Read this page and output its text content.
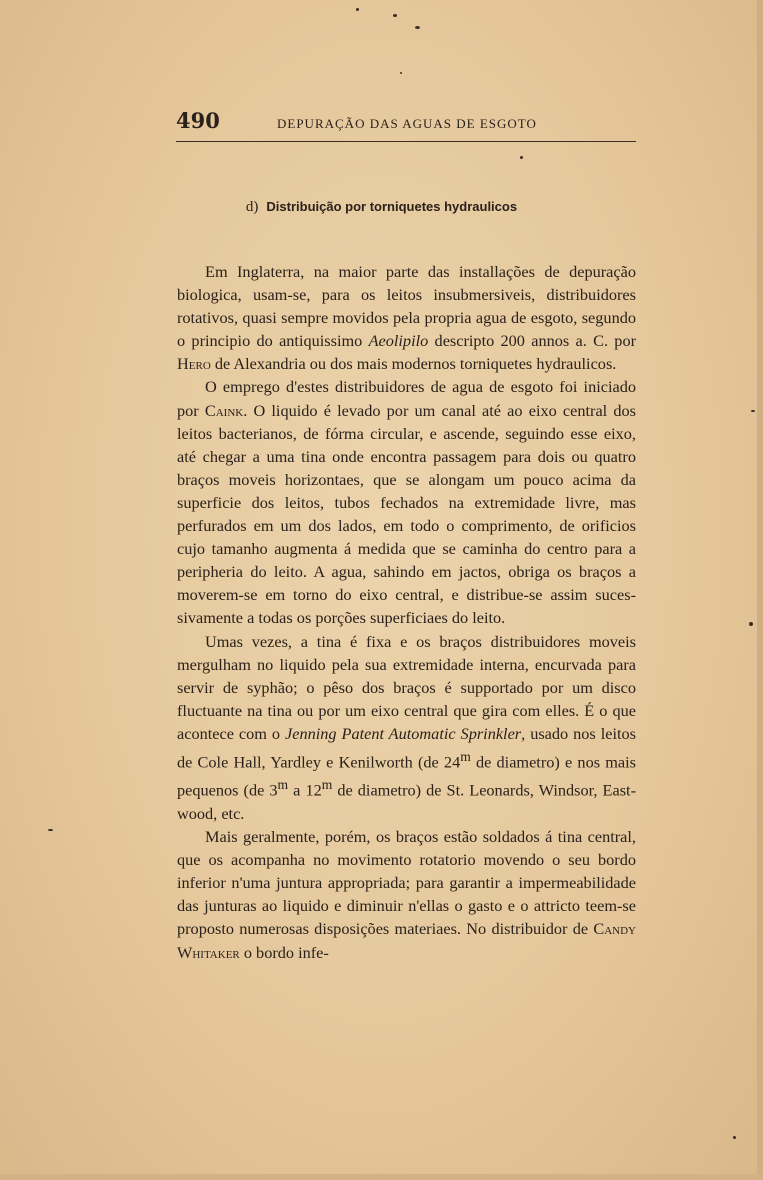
490	DEPURAÇÃO DAS AGUAS DE ESGOTO
d) Distribuição por torniquetes hydraulicos

Em Inglaterra, na maior parte das installações de depuração biologica, usam-se, para os leitos insubmersiveis, distribuidores rotativos, quasi sempre movidos pela propria agua de esgoto, segundo o principio do antiquissimo Aeolipilo descripto 200 annos a. C. por Hero de Alexandria ou dos mais modernos torniquetes hydraulicos.

O emprego d'estes distribuidores de agua de esgoto foi iniciado por Caink. O liquido é levado por um canal até ao eixo central dos leitos bacterianos, de fórma circular, e ascende, seguindo esse eixo, até chegar a uma tina onde encontra passagem para dois ou quatro braços moveis horizontaes, que se alongam um pouco acima da superficie dos leitos, tubos fechados na extremidade livre, mas perfurados em um dos lados, em todo o comprimento, de orificios cujo tamanho augmenta á medida que se caminha do centro para a peripheria do leito. A agua, sahindo em jactos, obriga os braços a moverem-se em torno do eixo central, e distribue-se assim sucessivamente a todas os porções superficiaes do leito.

Umas vezes, a tina é fixa e os braços distribuidores moveis mergulham no liquido pela sua extremidade interna, encurvada para servir de syphão; o pêso dos braços é supportado por um disco fluctuante na tina ou por um eixo central que gira com elles. É o que acontece com o Jenning Patent Automatic Sprinkler, usado nos leitos de Cole Hall, Yardley e Kenilworth (de 24$^m$ de diametro) e nos mais pequenos (de 3$^m$ a 12$^m$ de diametro) de St. Leonards, Windsor, East-wood, etc.

Mais geralmente, porém, os braços estão soldados á tina central, que os acompanha no movimento rotatorio movendo o seu bordo inferior n'uma juntura appropriada; para garantir a impermeabilidade das junturas ao liquido e diminuir n'ellas o gasto e o attricto teem-se proposto numerosas disposições materiaes. No distribuidor de Candy Whitaker o bordo infe-
